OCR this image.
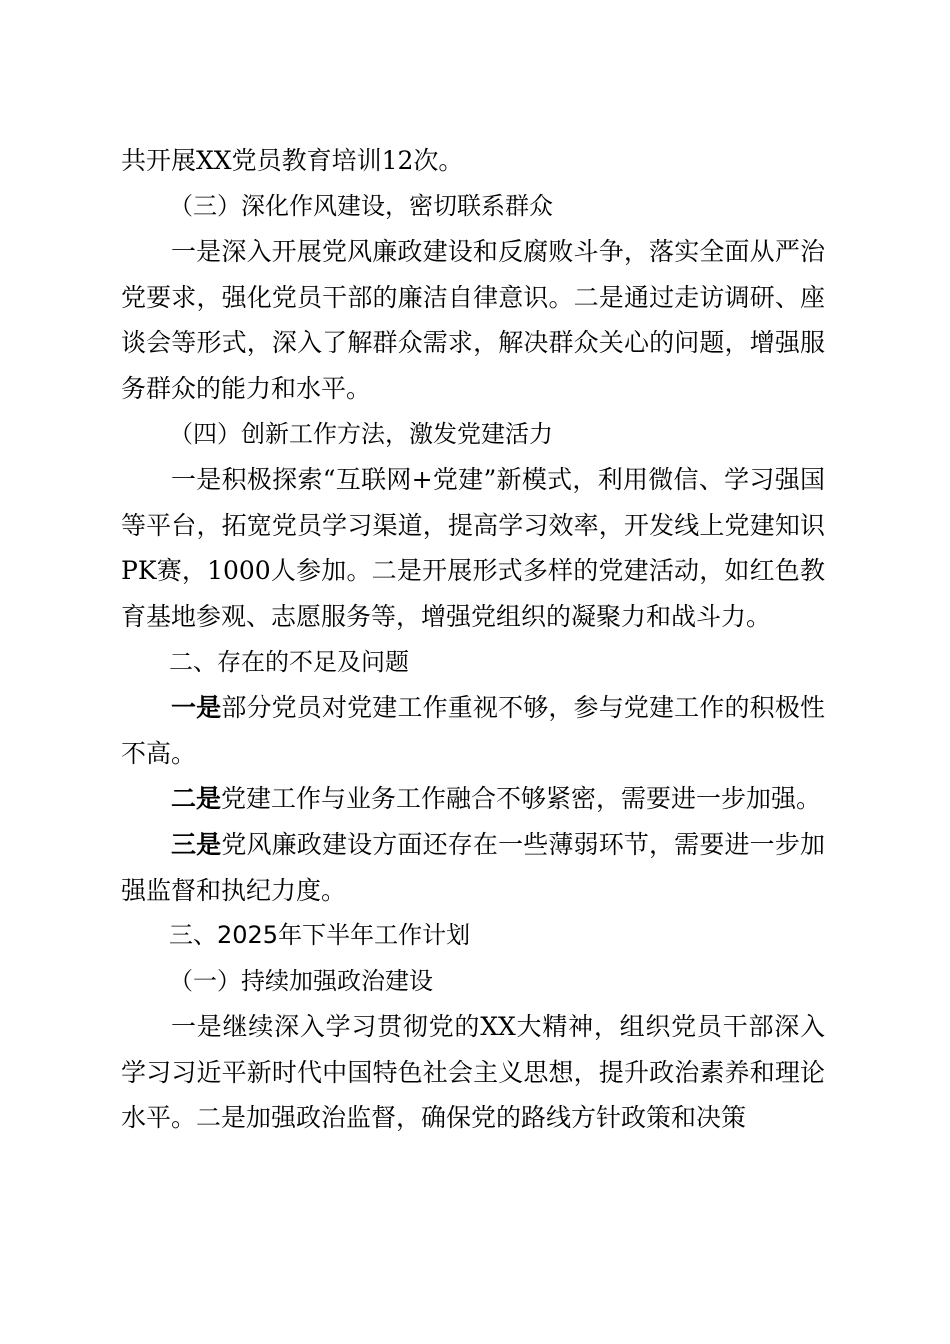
共开展XX党员教育培训12次。

（三）深化作风建设，密切联系群众

一是深入开展党风廉政建设和反腐败斗争，落实全面从严治党要求，强化党员干部的廉洁自律意识。二是通过走访调研、座谈会等形式，深入了解群众需求，解决群众关心的问题，增强服务群众的能力和水平。

（四）创新工作方法，激发党建活力

一是积极探索“互联网+党建”新模式，利用微信、学习强国等平台，拓宽党员学习渠道，提高学习效率，开发线上党建知识PK赛，1000人参加。二是开展形式多样的党建活动，如红色教育基地参观、志愿服务等，增强党组织的凝聚力和战斗力。

二、存在的不足及问题

一是部分党员对党建工作重视不够，参与党建工作的积极性不高。

二是党建工作与业务工作融合不够紧密，需要进一步加强。

三是党风廉政建设方面还存在一些薄弱环节，需要进一步加强监督和执纪力度。

三、2025年下半年工作计划

（一）持续加强政治建设

一是继续深入学习贯彻党的XX大精神，组织党员干部深入学习习近平新时代中国特色社会主义思想，提升政治素养和理论水平。二是加强政治监督，确保党的路线方针政策和决策
